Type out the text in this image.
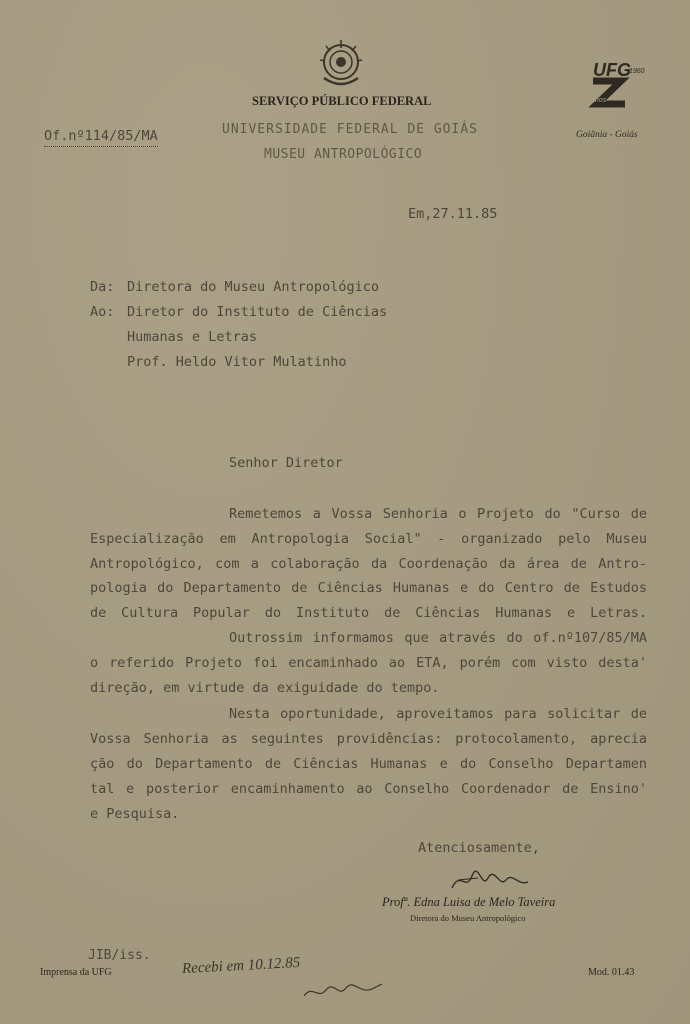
SERVIÇO PÚBLICO FEDERAL
UNIVERSIDADE FEDERAL DE GOIÁS
MUSEU ANTROPOLÓGICO
Of.nº114/85/MA
UFG
1960
anos
Goiânia - Goiás
Em,27.11.85
Da: Diretora do Museu Antropológico
Ao: Diretor do Instituto de Ciências
Humanas e Letras
Prof. Heldo Vitor Mulatinho
Senhor Diretor
Remetemos a Vossa Senhoria o Projeto do "Curso de
Especialização em Antropologia Social" - organizado pelo Museu
Antropológico, com a colaboração da Coordenação da área de Antro-
pologia do Departamento de Ciências Humanas e do Centro de Estudos
de Cultura Popular do Instituto de Ciências Humanas e Letras.
Outrossim informamos que através do of.nº107/85/MA
o referido Projeto foi encaminhado ao ETA, porém com visto desta'
direção, em virtude da exiguidade do tempo.
Nesta oportunidade, aproveitamos para solicitar de
Vossa Senhoria as seguintes providências: protocolamento, aprecia
ção do Departamento de Ciências Humanas e do Conselho Departamen
tal e posterior encaminhamento ao Conselho Coordenador de Ensino'
e Pesquisa.
Atenciosamente,
Profª. Edna Luisa de Melo Taveira
Diretora do Museu Antropológico
JIB/iss.
Imprensa da UFG	Mod. 01.43
Recebi em 10.12.85
